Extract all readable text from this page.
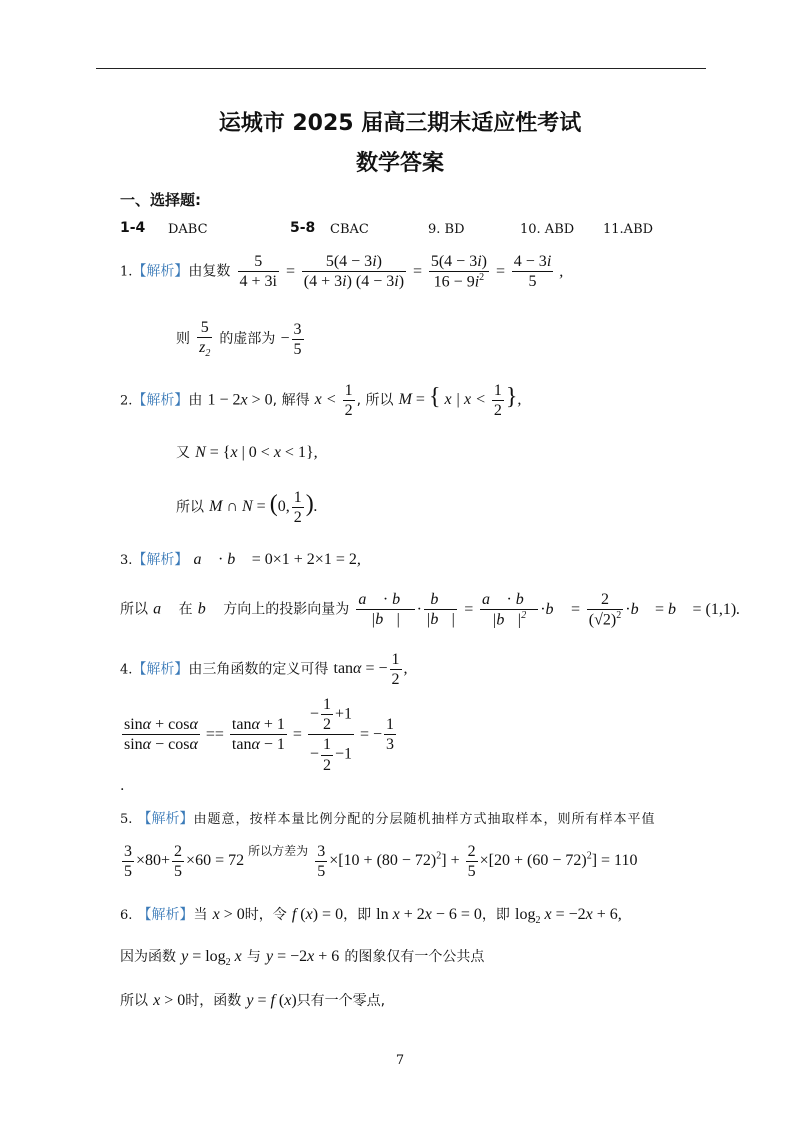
运城市 2025 届高三期末适应性考试
数学答案
一、选择题:
1-4 DABC	5-8 CBAC	9. BD	10. ABD 11.ABD
1.【解析】由复数 $\frac{5}{4 + 3i} = \frac{5(4 - 3i)}{(4 + 3i) (4 - 3i)} = \frac{5(4 - 3i)}{16 - 9i^2} = \frac{4 - 3i}{5}$ ,
则 $\frac{5}{z_2}$ 的虚部为 − $\frac{3}{5}$
2.【解析】由 1 − 2x > 0, 解得 $x < \frac{1}{2}$ , 所以 M = { x | $x < \frac{1}{2}$ },
又 N = {x | 0 < x < 1},
所以 M ∩ N = (0, $\frac{1}{2}$ ).
3.【解析】 a⃗ · b⃗ = 0×1 + 2×1 = 2,
所以 a⃗ 在 b⃗ 方向上的投影向量为 $\frac{a⃗ \cdot b⃗}{|b⃗|} \cdot \frac{b⃗}{|b⃗|} = \frac{a⃗ \cdot b⃗}{|b⃗|^2}$ ·b⃗ = $\frac{2}{(√2)^2}$ ·b⃗ = b⃗ = (1,1).
4.【解析】由三角函数的定义可得 tanα = − $\frac{1}{2}$ ,
$\frac{\sin\alpha + \cos\alpha}{\sin\alpha - \cos\alpha} == \frac{\tan\alpha + 1}{\tan\alpha - 1} = \frac{- \frac{1}{2} +1}{- \frac{1}{2} -1}$ = − $\frac{1}{3}$
.
5. 【解析】由题意，按样本量比例分配的分层随机抽样方式抽取样本，则所有样本平值
$\frac{3}{5} \times 80+ \frac{2}{5} \times 60 = 72$ $^{所以方差为} \frac{3}{5} \times[10 + (80 - 72)^2] + \frac{2}{5} \times[20 + (60 - 72)^2] = 110$
6. 【解析】当 x > 0时，令 f (x) = 0，即 ln x + 2x − 6 = 0，即 $\log_2 x = -2x + 6$,
因为函数 $y = \log_2 x$ 与 y = −2x + 6 的图象仅有一个公共点
所以 x > 0时，函数 y = f (x)只有一个零点,
7
